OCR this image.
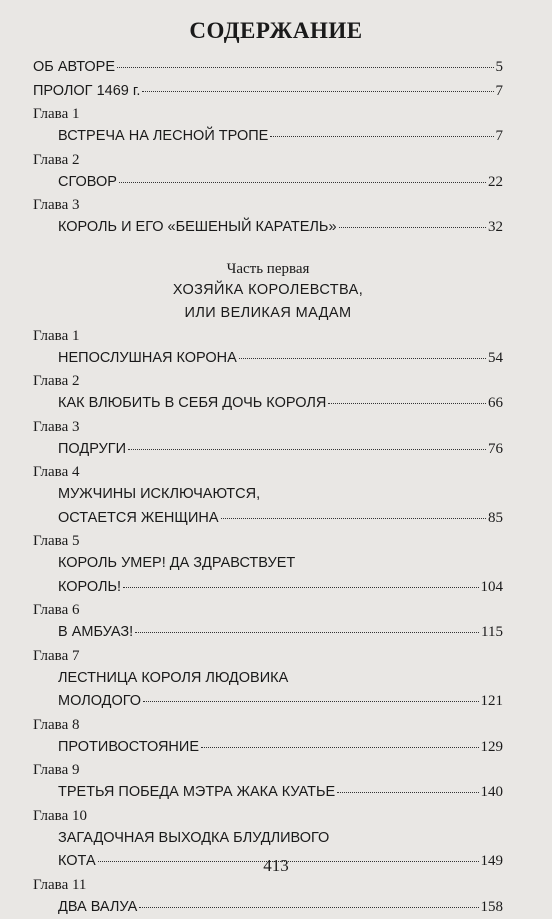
СОДЕРЖАНИЕ
ОБ АВТОРЕ	5
ПРОЛОГ 1469 г.	7
Глава 1
ВСТРЕЧА НА ЛЕСНОЙ ТРОПЕ	7
Глава 2
СГОВОР	22
Глава 3
КОРОЛЬ И ЕГО «БЕШЕНЫЙ КАРАТЕЛЬ»	32
Часть первая
ХОЗЯЙКА КОРОЛЕВСТВА,
ИЛИ ВЕЛИКАЯ МАДАМ
Глава 1
НЕПОСЛУШНАЯ КОРОНА	54
Глава 2
КАК ВЛЮБИТЬ В СЕБЯ ДОЧЬ КОРОЛЯ	66
Глава 3
ПОДРУГИ	76
Глава 4
МУЖЧИНЫ ИСКЛЮЧАЮТСЯ,
ОСТАЕТСЯ ЖЕНЩИНА	85
Глава 5
КОРОЛЬ УМЕР! ДА ЗДРАВСТВУЕТ
КОРОЛЬ!	104
Глава 6
В АМБУАЗ!	115
Глава 7
ЛЕСТНИЦА КОРОЛЯ ЛЮДОВИКА
МОЛОДОГО	121
Глава 8
ПРОТИВОСТОЯНИЕ	129
Глава 9
ТРЕТЬЯ ПОБЕДА МЭТРА ЖАКА КУАТЬЕ	140
Глава 10
ЗАГАДОЧНАЯ ВЫХОДКА БЛУДЛИВОГО
КОТА	149
Глава 11
ДВА ВАЛУА	158
413
